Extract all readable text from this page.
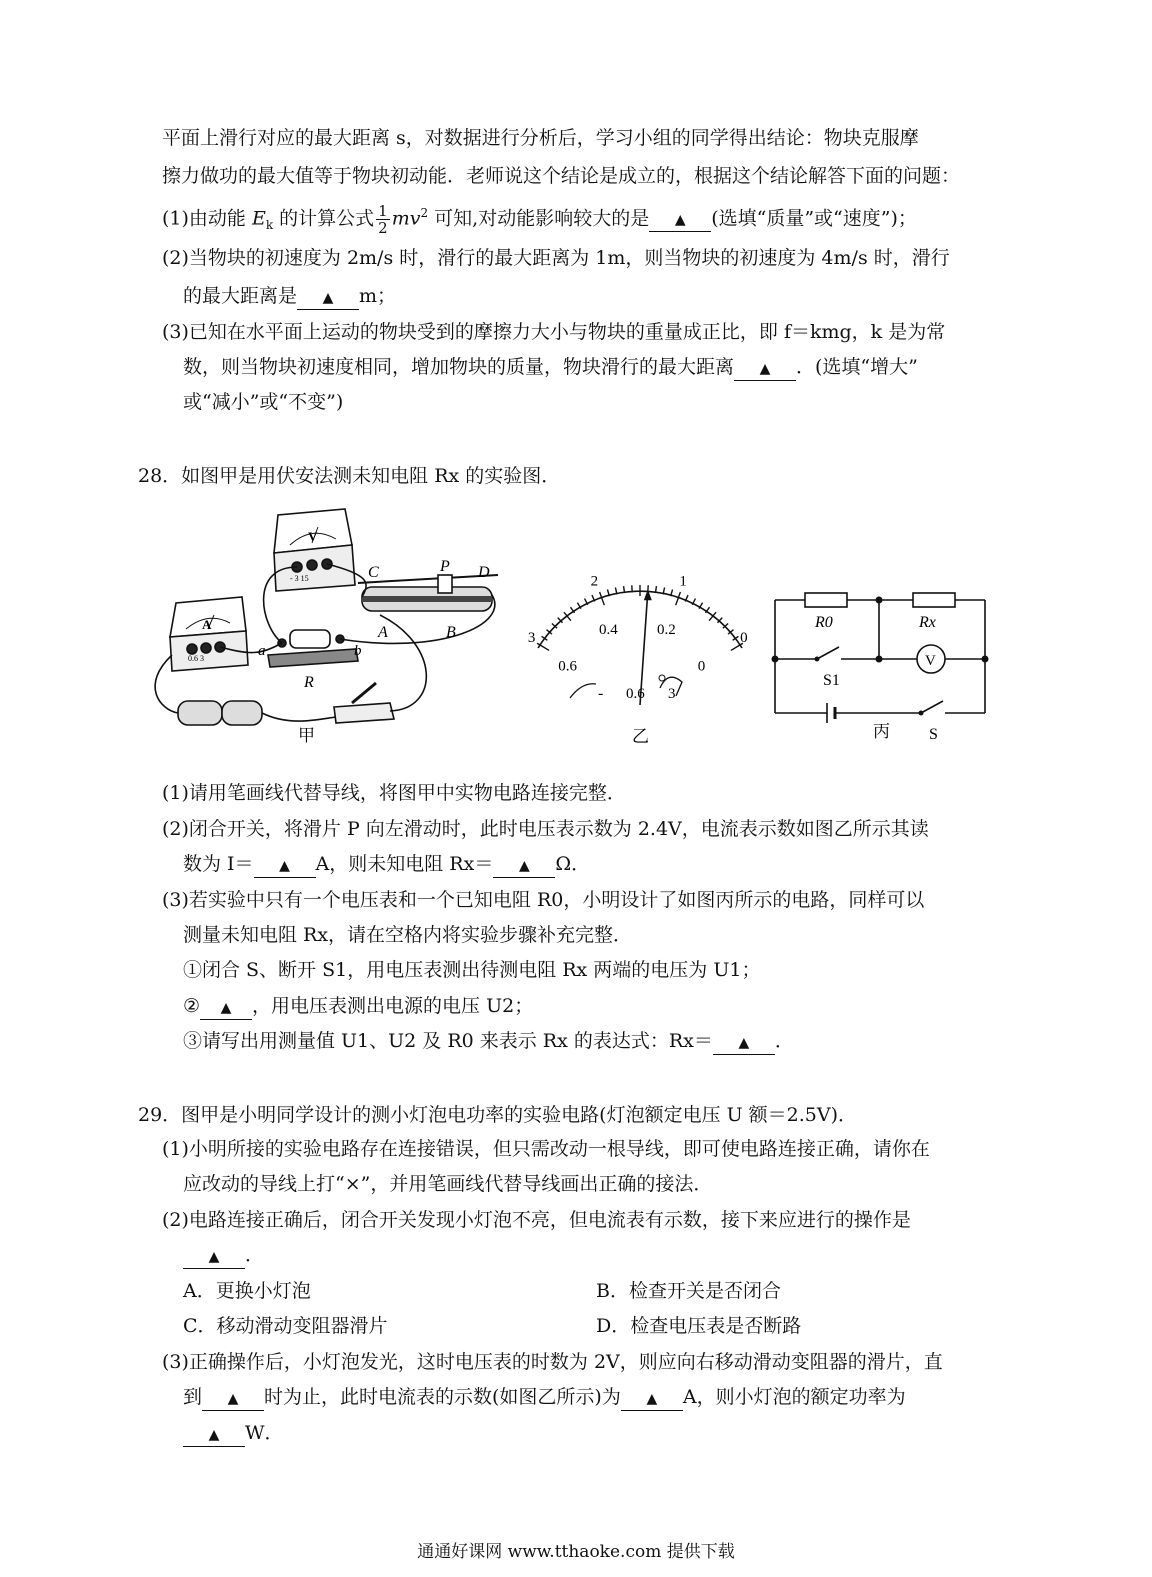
平面上滑行对应的最大距离 s，对数据进行分析后，学习小组的同学得出结论：物块克服摩
擦力做功的最大值等于物块初动能．老师说这个结论是成立的，根据这个结论解答下面的问题：
(1)由动能 $E_k$ 的计算公式 $\frac{1}{2} mv^2$ 可知,对动能影响较大的是 ▲ (选填“质量”或“速度”)；
(2)当物块的初速度为 2m/s 时，滑行的最大距离为 1m，则当物块的初速度为 4m/s 时，滑行
的最大距离是 ▲ m；
(3)已知在水平面上运动的物块受到的摩擦力大小与物块的重量成正比，即 f＝kmg，k 是为常
数，则当物块初速度相同，增加物块的质量，物块滑行的最大距离 ▲ ．(选填“增大”
或“减小”或“不变”)
28．如图甲是用伏安法测未知电阻 Rx 的实验图．
C	P D
A	B
a	b
R
V
A
- 3 15
0.6 3
甲
0
1
2
3
0
0.2
0.4
0.6
- 0.6 3
乙
R0	Rx
S1
V
丙 S
(1)请用笔画线代替导线，将图甲中实物电路连接完整．
(2)闭合开关，将滑片 P 向左滑动时，此时电压表示数为 2.4V，电流表示数如图乙所示其读
数为 I＝ ▲ A，则未知电阻 Rx＝ ▲ Ω．
(3)若实验中只有一个电压表和一个已知电阻 R0，小明设计了如图丙所示的电路，同样可以
测量未知电阻 Rx，请在空格内将实验步骤补充完整．
①闭合 S、断开 S1，用电压表测出待测电阻 Rx 两端的电压为 U1；
② ▲ ，用电压表测出电源的电压 U2；
③请写出用测量值 U1、U2 及 R0 来表示 Rx 的表达式：Rx＝ ▲ ．
29．图甲是小明同学设计的测小灯泡电功率的实验电路(灯泡额定电压 U 额＝2.5V)．
(1)小明所接的实验电路存在连接错误，但只需改动一根导线，即可使电路连接正确，请你在
应改动的导线上打“×”，并用笔画线代替导线画出正确的接法．
(2)电路连接正确后，闭合开关发现小灯泡不亮，但电流表有示数，接下来应进行的操作是
▲ ．
A．更换小灯泡	B．检查开关是否闭合
C．移动滑动变阻器滑片	D．检查电压表是否断路
(3)正确操作后，小灯泡发光，这时电压表的时数为 2V，则应向右移动滑动变阻器的滑片，直
到 ▲ 时为止，此时电流表的示数(如图乙所示)为 ▲ A，则小灯泡的额定功率为
▲ W．
通通好课网 www.tthaoke.com 提供下载
